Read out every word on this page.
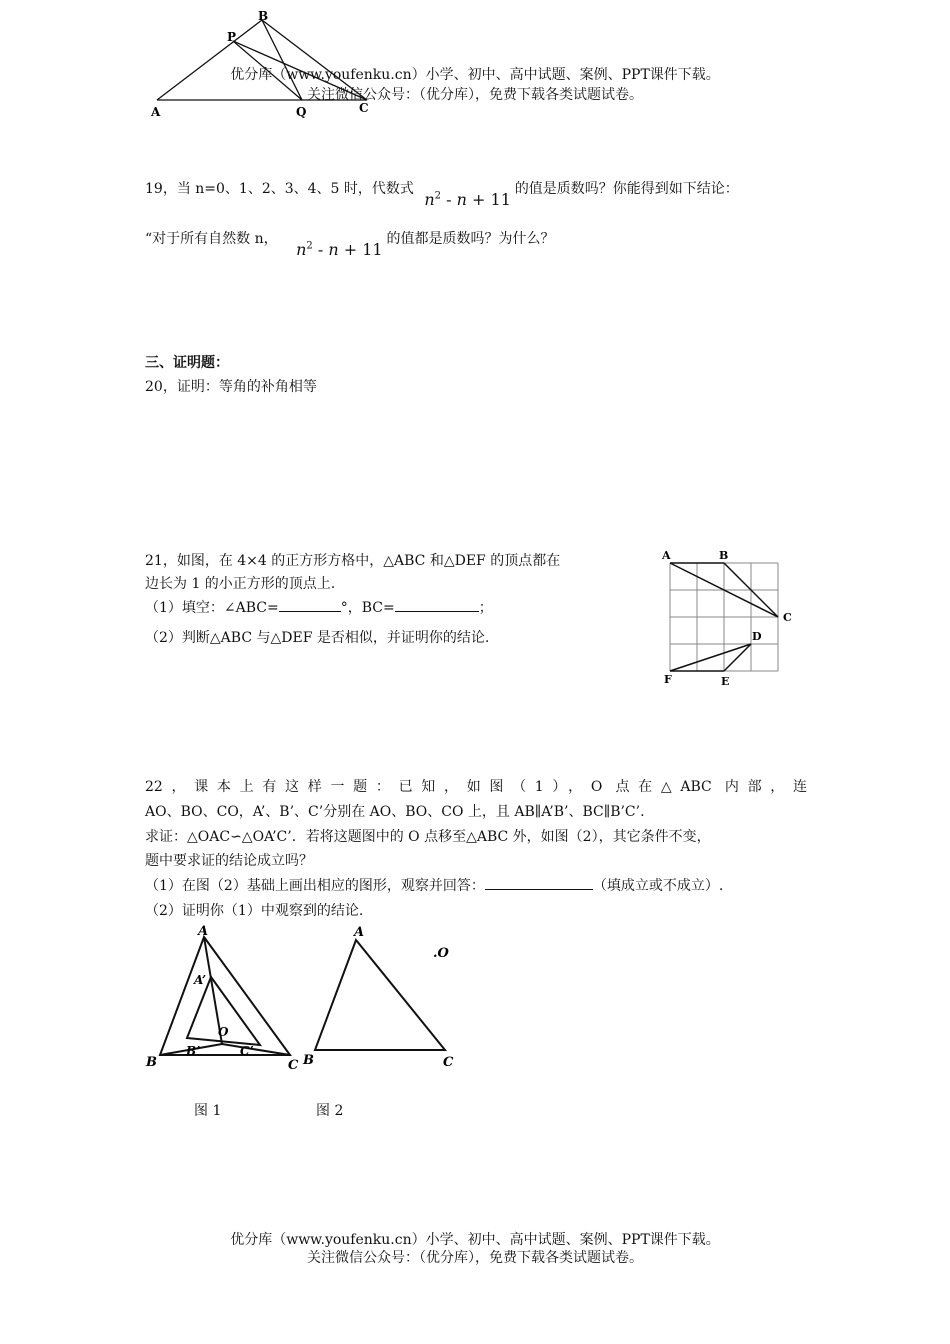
优分库（www.youfenku.cn）小学、初中、高中试题、案例、PPT课件下载。
关注微信公众号：（优分库），免费下载各类试题试卷。
P
B
A	Q	C
19，当 n=0、1、2、3、4、5 时，代数式 $n^2 - n + 11$ 的值是质数吗？你能得到如下结论：
“对于所有自然数 n， $n^2 - n + 11$ 的值都是质数吗？为什么？
三、证明题：
20，证明：等角的补角相等
21，如图，在 4×4 的正方形方格中，△ABC 和△DEF 的顶点都在
边长为 1 的小正方形的顶点上.
（1）填空：∠ABC=	°，BC=	；
（2）判断△ABC 与△DEF 是否相似，并证明你的结论.
A	B
C
D
E
F
22，课本上有这样一题：已知，如图（1），O 点在△ABC 内部，连
AO、BO、CO，A’、B’、C’分别在 AO、BO、CO 上，且 AB∥A’B’、BC∥B’C’.
求证：△OAC∽△OA’C’．若将这题图中的 O 点移至△ABC 外，如图（2），其它条件不变，
题中要求证的结论成立吗？
（1）在图（2）基础上画出相应的图形，观察并回答：	（填成立或不成立）.
（2）证明你（1）中观察到的结论.
A
A’
O
B
B’	C’
C
A
.O
B	C
图 1	图 2
优分库（www.youfenku.cn）小学、初中、高中试题、案例、PPT课件下载。
关注微信公众号：（优分库），免费下载各类试题试卷。
